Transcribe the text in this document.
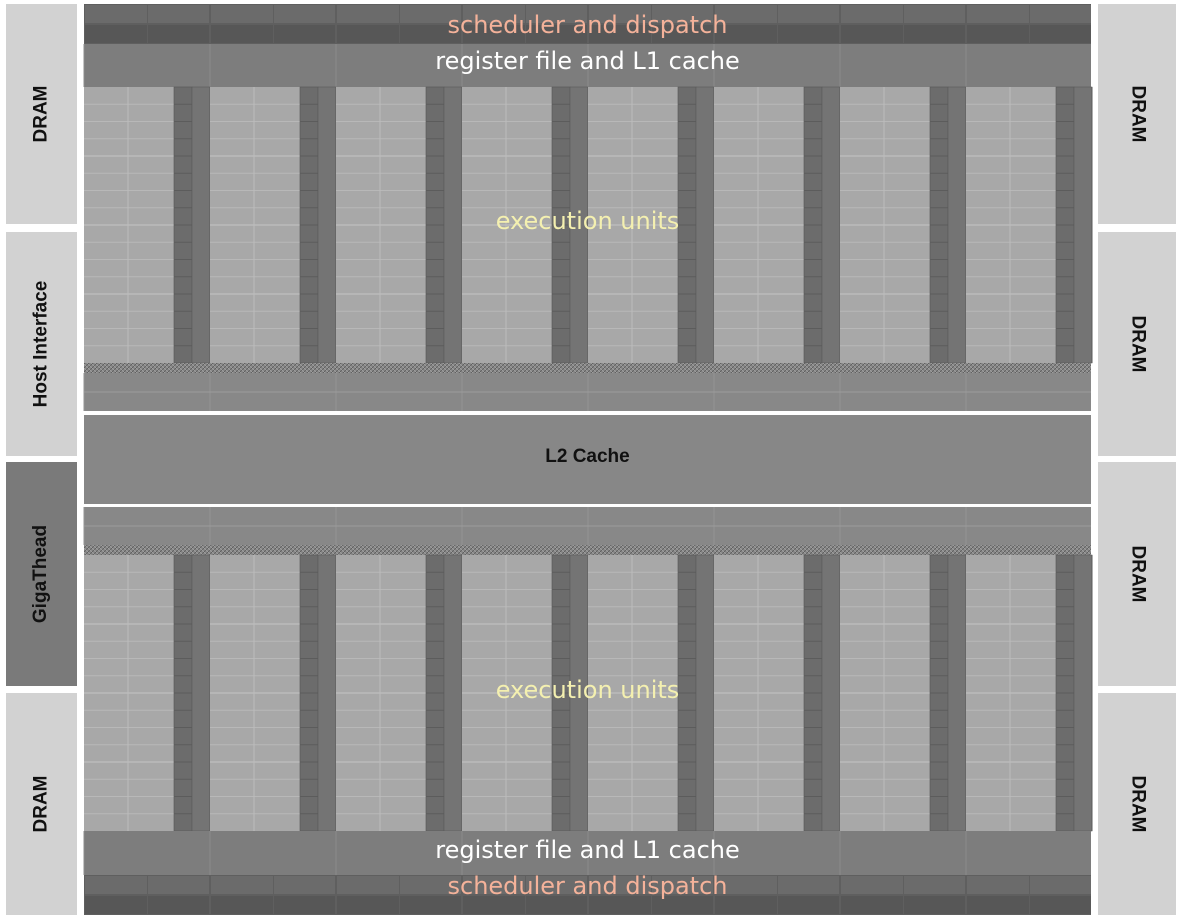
DRAM
Host Interface
GigaThead
DRAM
DRAM
DRAM
DRAM
DRAM
scheduler and dispatch
register file and L1 cache
execution units
L2 Cache
execution units
register file and L1 cache
scheduler and dispatch
